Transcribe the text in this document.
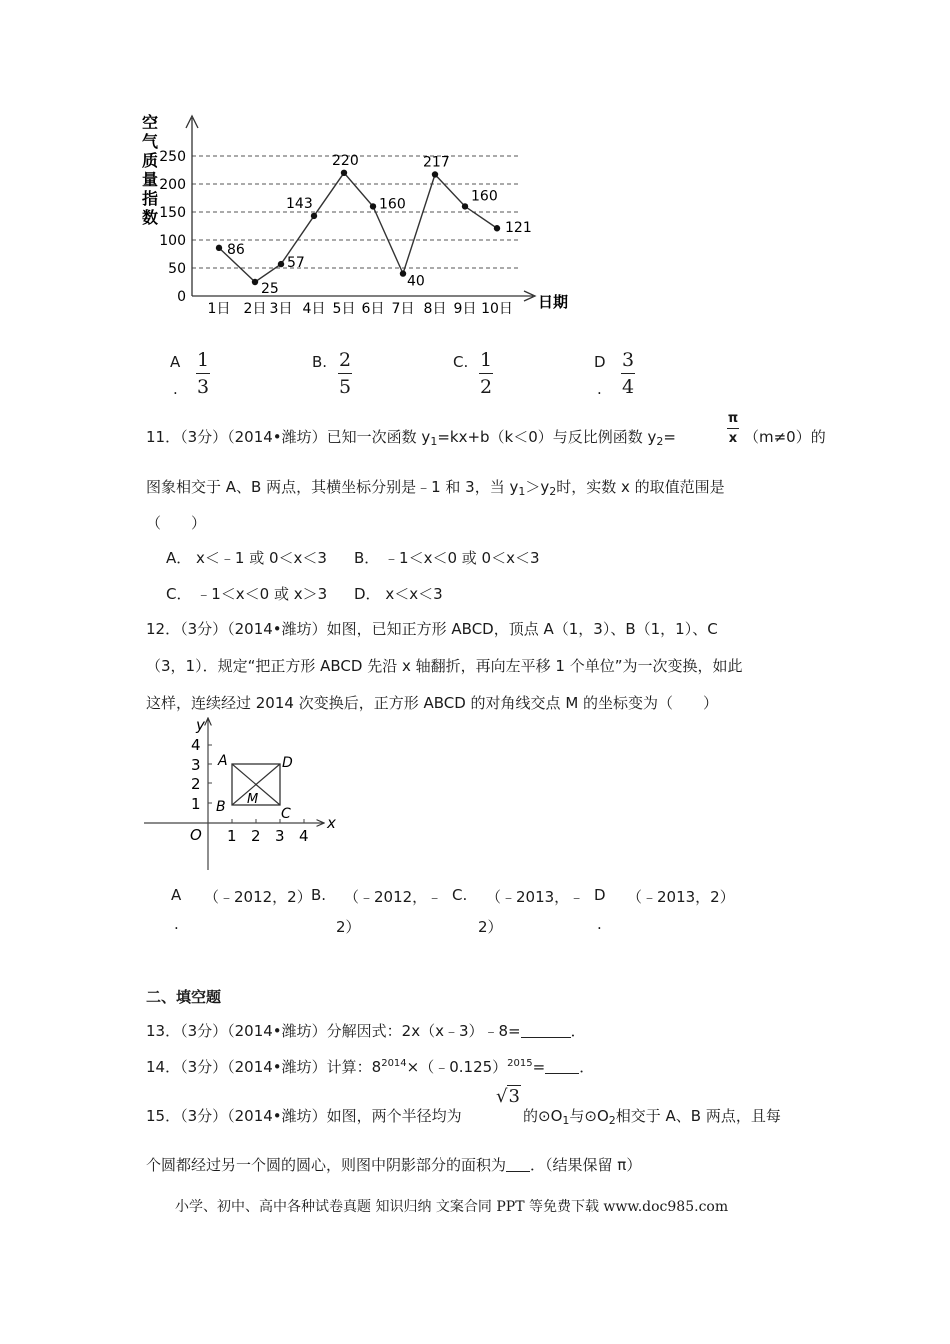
空
气
质
量
指
数
0
50
100
150
200
250
1日 2日 3日 4日 5日 6日 7日 8日 9日 10日 日期
86
25
57
143
220
160
40
217
160
121
A
.
1
3
B. 2
5
C. 1
2
D
.
3
4
11．（3分）（2014•潍坊）已知一次函数 $y_1=kx+b(k<0)$与反比例函数 $y_2=$
π
x （m≠0）的
图象相交于 A、B 两点，其横坐标分别是﹣1 和 3，当 $y_1>y_2$时，实数 x 的取值范围是
（　　）
A． x＜﹣1 或 0＜x＜3 B． ﹣1＜x＜0 或 0＜x＜3
C． ﹣1＜x＜0 或 x＞3 D． x＜x＜3
12．（3分）（2014•潍坊）如图，已知正方形 ABCD，顶点 A（1，3）、B（1，1）、C
（3，1）．规定“把正方形 ABCD 先沿 x 轴翻折，再向左平移 1 个单位”为一次变换，如此
这样，连续经过 2014 次变换后，正方形 ABCD 的对角线交点 M 的坐标变为（　　）
1 2 3 4
1
2
3
4
O
x
y
A
B	C
D
M
A
.
（﹣2012，2） B. （﹣2012，﹣
2）
C. （﹣2013，﹣
2）
D
.
（﹣2013，2）
二、填空题
13．（3分）（2014•潍坊）分解因式：2x（x﹣3）﹣8=	．
14．（3分）（2014•潍坊）计算：$8^{2014}\times(﹣0.125)^{2015}=$ ．
15．（3分）（2014•潍坊）如图，两个半径均为
√3
的$⊙O_1$与$⊙O_2$相交于 A、B 两点，且每
个圆都经过另一个圆的圆心，则图中阴影部分的面积为 ．（结果保留 π）
小学、初中、高中各种试卷真题 知识归纳 文案合同 PPT 等免费下载 www.doc985.com
